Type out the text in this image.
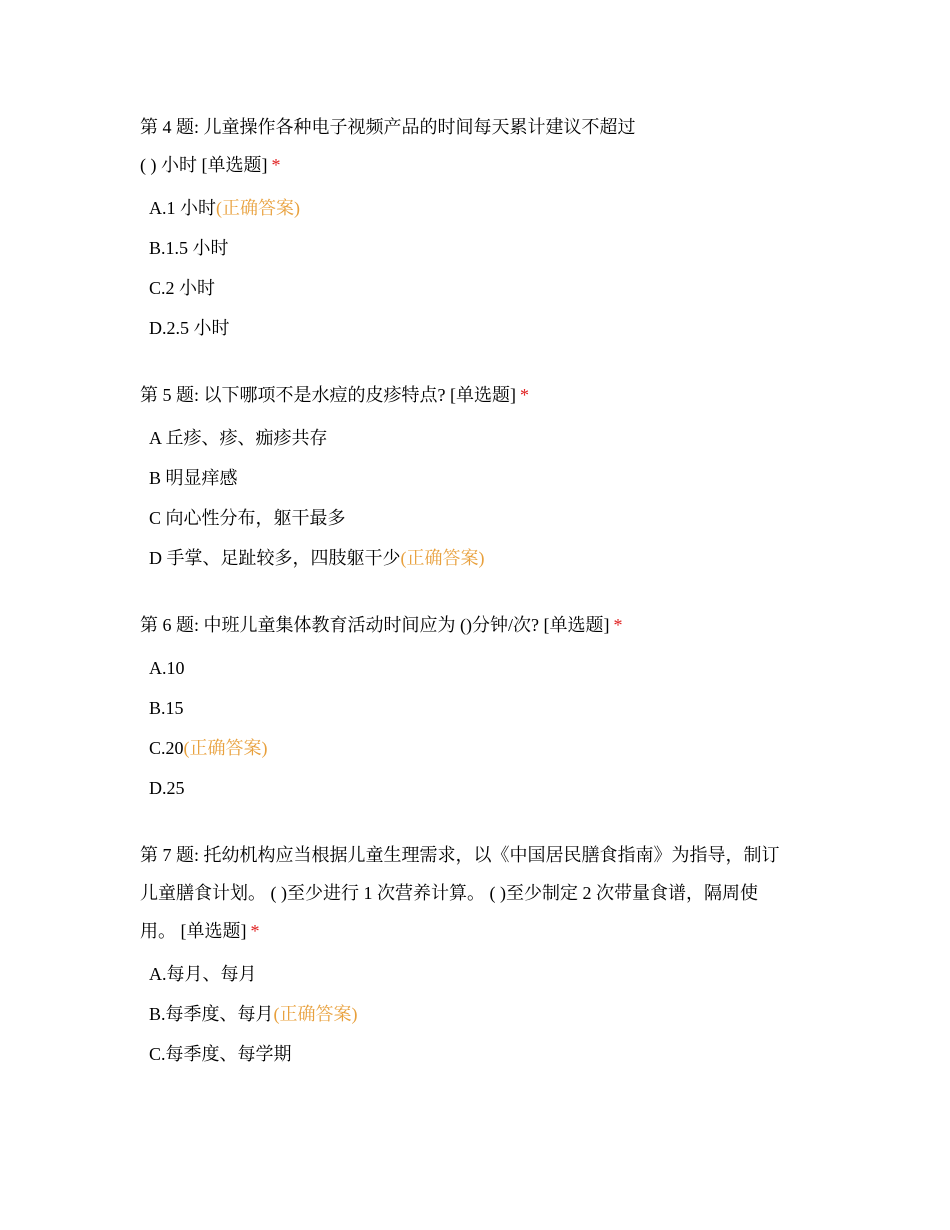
第 4 题: 儿童操作各种电子视频产品的时间每天累计建议不超过
( ) 小时 [单选题] *

A.1 小时(正确答案)
B.1.5 小时
C.2 小时
D.2.5 小时

第 5 题: 以下哪项不是水痘的皮疹特点? [单选题] *

A 丘疹、疹、痂疹共存
B 明显痒感
C 向心性分布，躯干最多
D 手掌、足趾较多，四肢躯干少(正确答案)

第 6 题: 中班儿童集体教育活动时间应为 ()分钟/次? [单选题] *

A.10
B.15
C.20(正确答案)
D.25

第 7 题: 托幼机构应当根据儿童生理需求，以《中国居民膳食指南》为指导，制订
儿童膳食计划。 ( )至少进行 1 次营养计算。 ( )至少制定 2 次带量食谱，隔周使
用。 [单选题] *

A.每月、每月
B.每季度、每月(正确答案)
C.每季度、每学期
